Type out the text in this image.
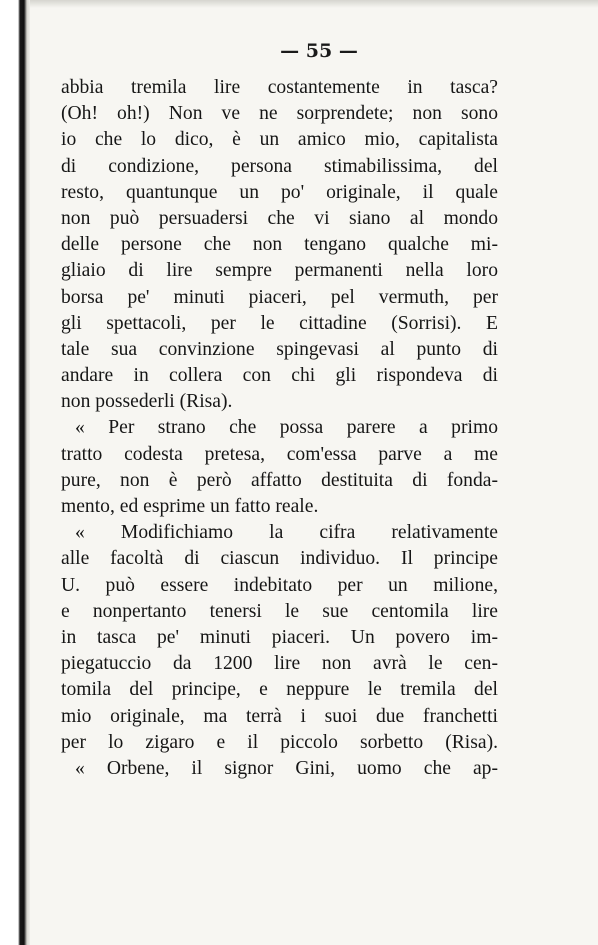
— 55 —
abbia tremila lire costantemente in tasca?
(Oh! oh!) Non ve ne sorprendete; non sono
io che lo dico, è un amico mio, capitalista
di condizione, persona stimabilissima, del
resto, quantunque un po' originale, il quale
non può persuadersi che vi siano al mondo
delle persone che non tengano qualche mi-
gliaio di lire sempre permanenti nella loro
borsa pe' minuti piaceri, pel vermuth, per
gli spettacoli, per le cittadine (Sorrisi). E
tale sua convinzione spingevasi al punto di
andare in collera con chi gli rispondeva di
non possederli (Risa).
« Per strano che possa parere a primo
tratto codesta pretesa, com'essa parve a me
pure, non è però affatto destituita di fonda-
mento, ed esprime un fatto reale.
« Modifichiamo la cifra relativamente
alle facoltà di ciascun individuo. Il principe
U. può essere indebitato per un milione,
e nonpertanto tenersi le sue centomila lire
in tasca pe' minuti piaceri. Un povero im-
piegatuccio da 1200 lire non avrà le cen-
tomila del principe, e neppure le tremila del
mio originale, ma terrà i suoi due franchetti
per lo zigaro e il piccolo sorbetto (Risa).
« Orbene, il signor Gini, uomo che ap-
